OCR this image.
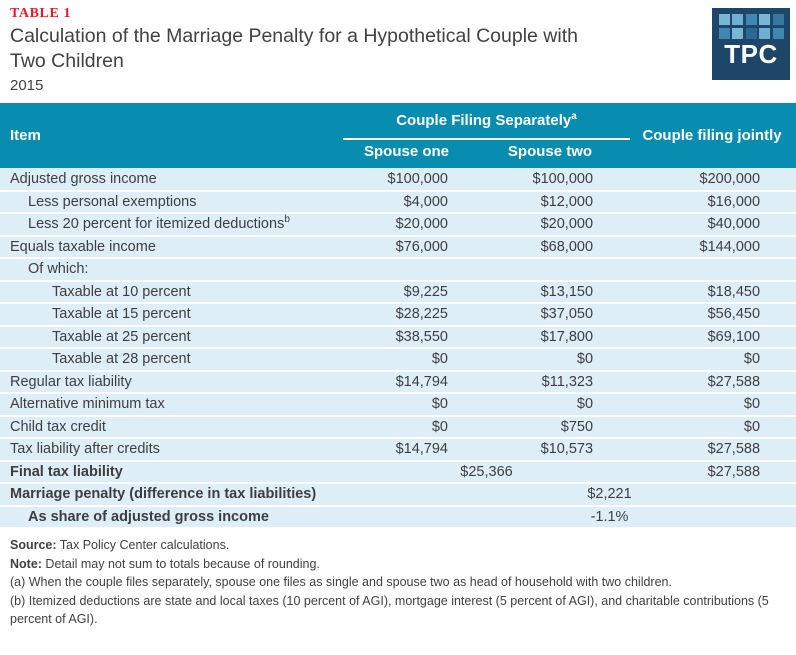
TABLE 1
Calculation of the Marriage Penalty for a Hypothetical Couple with Two Children
2015
TPC
Item	Couple Filing Separately$^a$		Couple filing jointly
	Spouse one	Spouse two	
Adjusted gross income	$100,000	$100,000	$200,000
Less personal exemptions	$4,000	$12,000	$16,000
Less 20 percent for itemized deductions$^b$	$20,000	$20,000	$40,000
Equals taxable income	$76,000	$68,000	$144,000
Of which:			
Taxable at 10 percent	$9,225	$13,150	$18,450
Taxable at 15 percent	$28,225	$37,050	$56,450
Taxable at 25 percent	$38,550	$17,800	$69,100
Taxable at 28 percent	$0	$0	$0
Regular tax liability	$14,794	$11,323	$27,588
Alternative minimum tax	$0	$0	$0
Child tax credit	$0	$750	$0
Tax liability after credits	$14,794	$10,573	$27,588
Final tax liability	$25,366		$27,588
Marriage penalty (difference in tax liabilities)	$2,221		
As share of adjusted gross income	-1.1%		
Source: Tax Policy Center calculations.
Note: Detail may not sum to totals because of rounding.
(a) When the couple files separately, spouse one files as single and spouse two as head of household with two children.
(b) Itemized deductions are state and local taxes (10 percent of AGI), mortgage interest (5 percent of AGI), and charitable contributions (5 percent of AGI).
